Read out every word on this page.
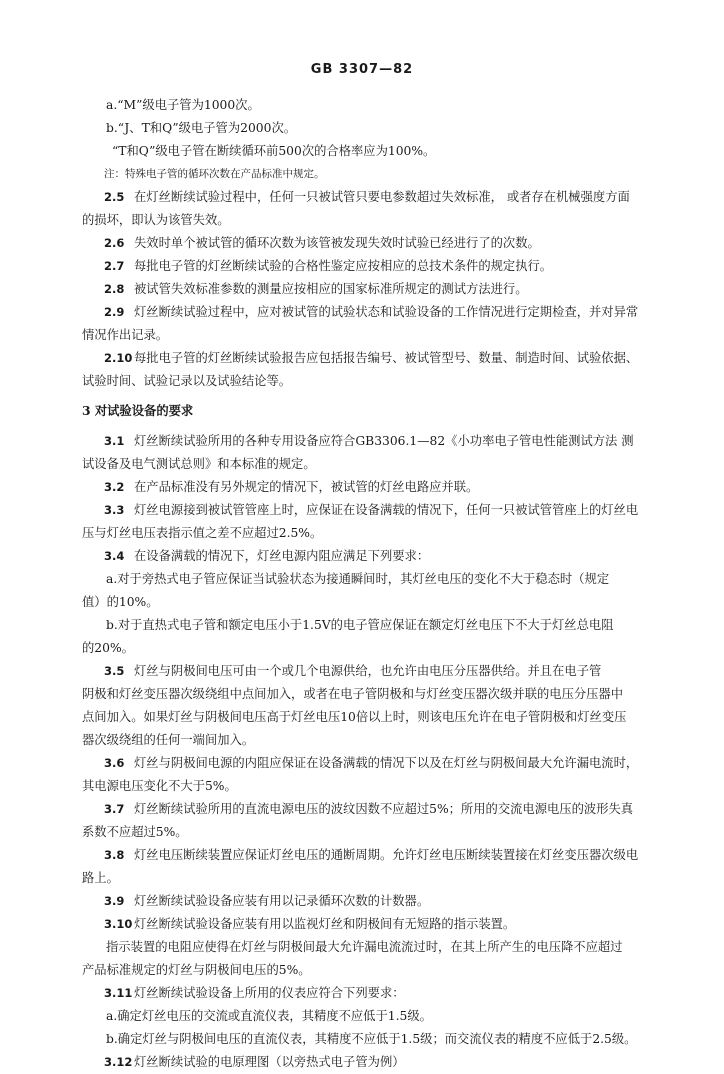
GB 3307—82
a.“M”级电子管为1000次。
b.“J、T和Q”级电子管为2000次。
“T和Q”级电子管在断续循环前500次的合格率应为100%。
注：特殊电子管的循环次数在产品标准中规定。
2.5 在灯丝断续试验过程中，任何一只被试管只要电参数超过失效标准， 或者存在机械强度方面
的损坏，即认为该管失效。
2.6 失效时单个被试管的循环次数为该管被发现失效时试验已经进行了的次数。
2.7 每批电子管的灯丝断续试验的合格性鉴定应按相应的总技术条件的规定执行。
2.8 被试管失效标准参数的测量应按相应的国家标准所规定的测试方法进行。
2.9 灯丝断续试验过程中，应对被试管的试验状态和试验设备的工作情况进行定期检查，并对异常
情况作出记录。
2.10 每批电子管的灯丝断续试验报告应包括报告编号、被试管型号、数量、制造时间、试验依据、
试验时间、试验记录以及试验结论等。
3 对试验设备的要求
3.1 灯丝断续试验所用的各种专用设备应符合GB3306.1—82《小功率电子管电性能测试方法 测
试设备及电气测试总则》和本标准的规定。
3.2 在产品标准没有另外规定的情况下，被试管的灯丝电路应并联。
3.3 灯丝电源接到被试管管座上时，应保证在设备满载的情况下，任何一只被试管管座上的灯丝电
压与灯丝电压表指示值之差不应超过2.5%。
3.4 在设备满载的情况下，灯丝电源内阻应满足下列要求：
a.对于旁热式电子管应保证当试验状态为接通瞬间时，其灯丝电压的变化不大于稳态时（规定
值）的10%。
b.对于直热式电子管和额定电压小于1.5V的电子管应保证在额定灯丝电压下不大于灯丝总电阻
的20%。
3.5 灯丝与阴极间电压可由一个或几个电源供给，也允许由电压分压器供给。并且在电子管
阴极和灯丝变压器次级绕组中点间加入，或者在电子管阴极和与灯丝变压器次级并联的电压分压器中
点间加入。如果灯丝与阴极间电压高于灯丝电压10倍以上时，则该电压允许在电子管阴极和灯丝变压
器次级绕组的任何一端间加入。
3.6 灯丝与阴极间电源的内阻应保证在设备满载的情况下以及在灯丝与阴极间最大允许漏电流时，
其电源电压变化不大于5%。
3.7 灯丝断续试验所用的直流电源电压的波纹因数不应超过5%；所用的交流电源电压的波形失真
系数不应超过5%。
3.8 灯丝电压断续装置应保证灯丝电压的通断周期。允许灯丝电压断续装置接在灯丝变压器次级电
路上。
3.9 灯丝断续试验设备应装有用以记录循环次数的计数器。
3.10 灯丝断续试验设备应装有用以监视灯丝和阴极间有无短路的指示装置。
指示装置的电阻应使得在灯丝与阴极间最大允许漏电流流过时，在其上所产生的电压降不应超过
产品标准规定的灯丝与阴极间电压的5%。
3.11 灯丝断续试验设备上所用的仪表应符合下列要求：
a.确定灯丝电压的交流或直流仪表，其精度不应低于1.5级。
b.确定灯丝与阴极间电压的直流仪表，其精度不应低于1.5级；而交流仪表的精度不应低于2.5级。
3.12 灯丝断续试验的电原理图（以旁热式电子管为例）
